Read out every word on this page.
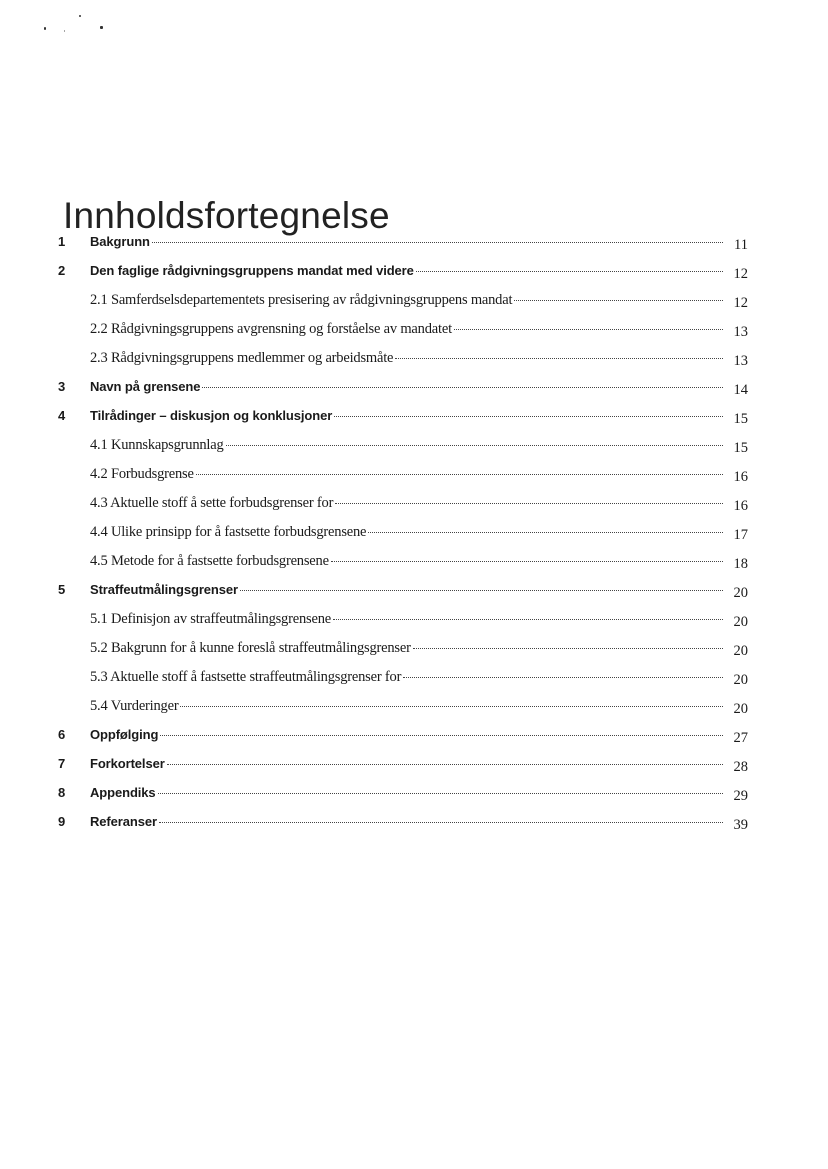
Innholdsfortegnelse
1	Bakgrunn	11
2	Den faglige rådgivningsgruppens mandat med videre	12
2.1 Samferdselsdepartementets presisering av rådgivningsgruppens mandat	12
2.2 Rådgivningsgruppens avgrensning og forståelse av mandatet	13
2.3 Rådgivningsgruppens medlemmer og arbeidsmåte	13
3	Navn på grensene	14
4	Tilrådinger – diskusjon og konklusjoner	15
4.1 Kunnskapsgrunnlag	15
4.2 Forbudsgrense	16
4.3 Aktuelle stoff å sette forbudsgrenser for	16
4.4 Ulike prinsipp for å fastsette forbudsgrensene	17
4.5 Metode for å fastsette forbudsgrensene	18
5	Straffeutmålingsgrenser	20
5.1 Definisjon av straffeutmålingsgrensene	20
5.2 Bakgrunn for å kunne foreslå straffeutmålingsgrenser	20
5.3 Aktuelle stoff å fastsette straffeutmålingsgrenser for	20
5.4 Vurderinger	20
6	Oppfølging	27
7	Forkortelser	28
8	Appendiks	29
9	Referanser	39
